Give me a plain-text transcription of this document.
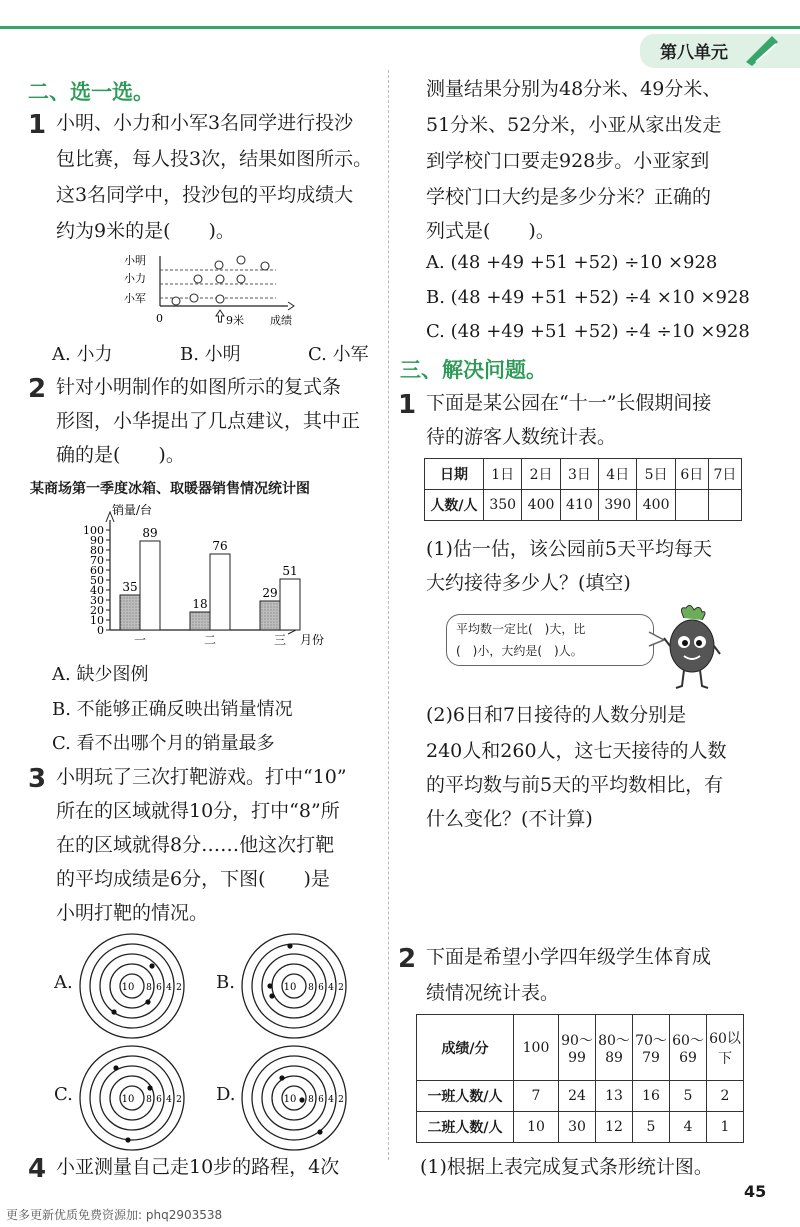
第八单元
二、选一选。
1 小明、小力和小军3名同学进行投沙
包比赛，每人投3次，结果如图所示。
这3名同学中，投沙包的平均成绩大
约为9米的是(　　)。
小明
小力
小军
0	9米 成绩
A. 小力	B. 小明	C. 小军
2 针对小明制作的如图所示的复式条
形图，小华提出了几点建议，其中正
确的是(　　)。
某商场第一季度冰箱、取暖器销售情况统计图
销量/台
月份
100
90
80
70
60
50
40
30
20
10
0
35
89
一
18
76
二
29
51
三
A. 缺少图例
B. 不能够正确反映出销量情况
C. 看不出哪个月的销量最多
3 小明玩了三次打靶游戏。打中“10”
所在的区域就得10分，打中“8”所
在的区域就得8分……他这次打靶
的平均成绩是6分，下图(　　)是
小明打靶的情况。
A.	B.
C.	D.
10 8 6 4 2	10 8 6 4 2
10 8 6 4 2	10 8 6 4 2
4 小亚测量自己走10步的路程，4次
测量结果分别为48分米、49分米、
51分米、52分米，小亚从家出发走
到学校门口要走928步。小亚家到
学校门口大约是多少分米？正确的
列式是(　　)。
A. (48 +49 +51 +52) ÷10 ×928
B. (48 +49 +51 +52) ÷4 ×10 ×928
C. (48 +49 +51 +52) ÷4 ÷10 ×928
三、解决问题。
1 下面是某公园在“十一”长假期间接
待的游客人数统计表。
日期	1日	2日	3日	4日	5日	6日	7日
人数/人	350	400	410	390	400		
(1)估一估，该公园前5天平均每天
大约接待多少人？(填空)
平均数一定比(　)大，比
(　)小，大约是(　)人。
(2)6日和7日接待的人数分别是
240人和260人，这七天接待的人数
的平均数与前5天的平均数相比，有
什么变化？(不计算)
2 下面是希望小学四年级学生体育成
绩情况统计表。
成绩/分	100	90～99	80～89	70～79	60～69	60以下
一班人数/人	7	24	13	16	5	2
二班人数/人	10	30	12	5	4	1
(1)根据上表完成复式条形统计图。
45
更多更新优质免费资源加: phq2903538
